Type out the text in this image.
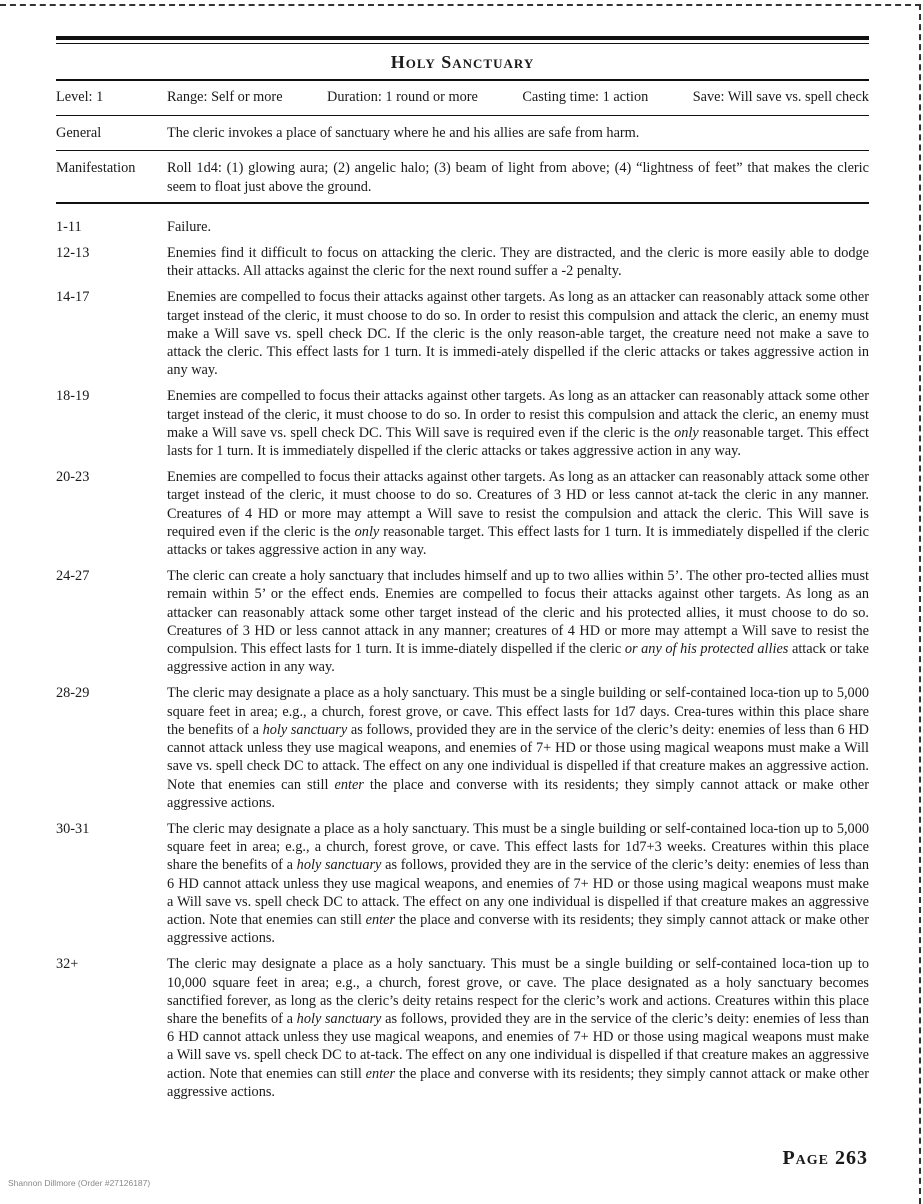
Holy Sanctuary
Level: 1	Range: Self or more	Duration: 1 round or more	Casting time: 1 action	Save: Will save vs. spell check
General	The cleric invokes a place of sanctuary where he and his allies are safe from harm.
Manifestation	Roll 1d4: (1) glowing aura; (2) angelic halo; (3) beam of light from above; (4) “lightness of feet” that makes the cleric seem to float just above the ground.
1-11	Failure.
12-13	Enemies find it difficult to focus on attacking the cleric. They are distracted, and the cleric is more easily able to dodge their attacks. All attacks against the cleric for the next round suffer a -2 penalty.
14-17	Enemies are compelled to focus their attacks against other targets. As long as an attacker can reasonably attack some other target instead of the cleric, it must choose to do so. In order to resist this compulsion and attack the cleric, an enemy must make a Will save vs. spell check DC. If the cleric is the only reason-able target, the creature need not make a save to attack the cleric. This effect lasts for 1 turn. It is immedi-ately dispelled if the cleric attacks or takes aggressive action in any way.
18-19	Enemies are compelled to focus their attacks against other targets. As long as an attacker can reasonably attack some other target instead of the cleric, it must choose to do so. In order to resist this compulsion and attack the cleric, an enemy must make a Will save vs. spell check DC. This Will save is required even if the cleric is the only reasonable target. This effect lasts for 1 turn. It is immediately dispelled if the cleric attacks or takes aggressive action in any way.
20-23	Enemies are compelled to focus their attacks against other targets. As long as an attacker can reasonably attack some other target instead of the cleric, it must choose to do so. Creatures of 3 HD or less cannot at-tack the cleric in any manner. Creatures of 4 HD or more may attempt a Will save to resist the compulsion and attack the cleric. This Will save is required even if the cleric is the only reasonable target. This effect lasts for 1 turn. It is immediately dispelled if the cleric attacks or takes aggressive action in any way.
24-27	The cleric can create a holy sanctuary that includes himself and up to two allies within 5’. The other pro-tected allies must remain within 5’ or the effect ends. Enemies are compelled to focus their attacks against other targets. As long as an attacker can reasonably attack some other target instead of the cleric and his protected allies, it must choose to do so. Creatures of 3 HD or less cannot attack in any manner; creatures of 4 HD or more may attempt a Will save to resist the compulsion. This effect lasts for 1 turn. It is imme-diately dispelled if the cleric or any of his protected allies attack or take aggressive action in any way.
28-29	The cleric may designate a place as a holy sanctuary. This must be a single building or self-contained loca-tion up to 5,000 square feet in area; e.g., a church, forest grove, or cave. This effect lasts for 1d7 days. Crea-tures within this place share the benefits of a holy sanctuary as follows, provided they are in the service of the cleric’s deity: enemies of less than 6 HD cannot attack unless they use magical weapons, and enemies of 7+ HD or those using magical weapons must make a Will save vs. spell check DC to attack. The effect on any one individual is dispelled if that creature makes an aggressive action. Note that enemies can still enter the place and converse with its residents; they simply cannot attack or make other aggressive actions.
30-31	The cleric may designate a place as a holy sanctuary. This must be a single building or self-contained loca-tion up to 5,000 square feet in area; e.g., a church, forest grove, or cave. This effect lasts for 1d7+3 weeks. Creatures within this place share the benefits of a holy sanctuary as follows, provided they are in the service of the cleric’s deity: enemies of less than 6 HD cannot attack unless they use magical weapons, and enemies of 7+ HD or those using magical weapons must make a Will save vs. spell check DC to attack. The effect on any one individual is dispelled if that creature makes an aggressive action. Note that enemies can still enter the place and converse with its residents; they simply cannot attack or make other aggressive actions.
32+	The cleric may designate a place as a holy sanctuary. This must be a single building or self-contained loca-tion up to 10,000 square feet in area; e.g., a church, forest grove, or cave. The place designated as a holy sanctuary becomes sanctified forever, as long as the cleric’s deity retains respect for the cleric’s work and actions. Creatures within this place share the benefits of a holy sanctuary as follows, provided they are in the service of the cleric’s deity: enemies of less than 6 HD cannot attack unless they use magical weapons, and enemies of 7+ HD or those using magical weapons must make a Will save vs. spell check DC to at-tack. The effect on any one individual is dispelled if that creature makes an aggressive action. Note that enemies can still enter the place and converse with its residents; they simply cannot attack or make other aggressive actions.
Page 263
Shannon Dillmore (Order #27126187)
